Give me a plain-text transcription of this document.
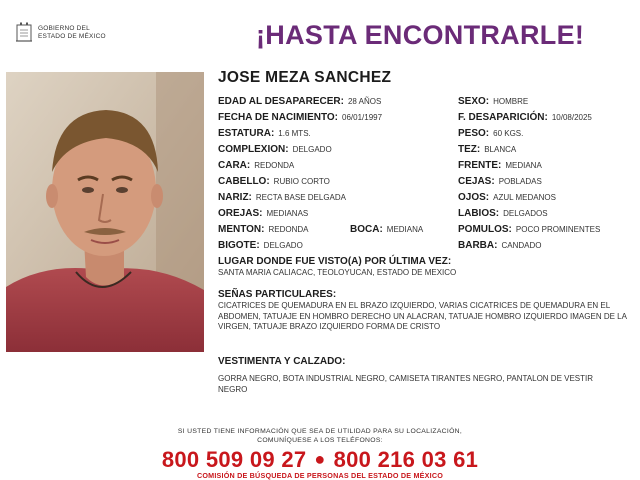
GOBIERNO DEL
ESTADO DE MÉXICO	¡HASTA ENCONTRARLE!
JOSE MEZA SANCHEZ
EDAD AL DESAPARECER: 28 AÑOS
FECHA DE NACIMIENTO: 06/01/1997
ESTATURA: 1.6 MTS.
COMPLEXION: DELGADO
CARA: REDONDA
CABELLO: RUBIO CORTO
NARIZ: RECTA BASE DELGADA
OREJAS: MEDIANAS
MENTON: REDONDA	BOCA: MEDIANA
BIGOTE: DELGADO
SEXO: HOMBRE
F. DESAPARICIÓN: 10/08/2025
PESO: 60 KGS.
TEZ: BLANCA
FRENTE: MEDIANA
CEJAS: POBLADAS
OJOS: AZUL MEDANOS
LABIOS: DELGADOS
POMULOS: POCO PROMINENTES
BARBA: CANDADO
LUGAR DONDE FUE VISTO(A) POR ÚLTIMA VEZ:
SANTA MARIA CALIACAC, TEOLOYUCAN, ESTADO DE MEXICO
SEÑAS PARTICULARES:
CICATRICES DE QUEMADURA EN EL BRAZO IZQUIERDO, VARIAS CICATRICES DE QUEMADURA EN EL ABDOMEN, TATUAJE EN HOMBRO DERECHO UN ALACRAN, TATUAJE HOMBRO IZQUIERDO IMAGEN DE LA VIRGEN, TATUAJE BRAZO IZQUIERDO FORMA DE CRISTO
VESTIMENTA Y CALZADO:
GORRA NEGRO, BOTA INDUSTRIAL NEGRO, CAMISETA TIRANTES NEGRO, PANTALON DE VESTIR NEGRO
SI USTED TIENE INFORMACIÓN QUE SEA DE UTILIDAD PARA SU LOCALIZACIÓN,
COMUNÍQUESE A LOS TELÉFONOS:
800 509 09 27 ● 800 216 03 61
COMISIÓN DE BÚSQUEDA DE PERSONAS DEL ESTADO DE MÉXICO
